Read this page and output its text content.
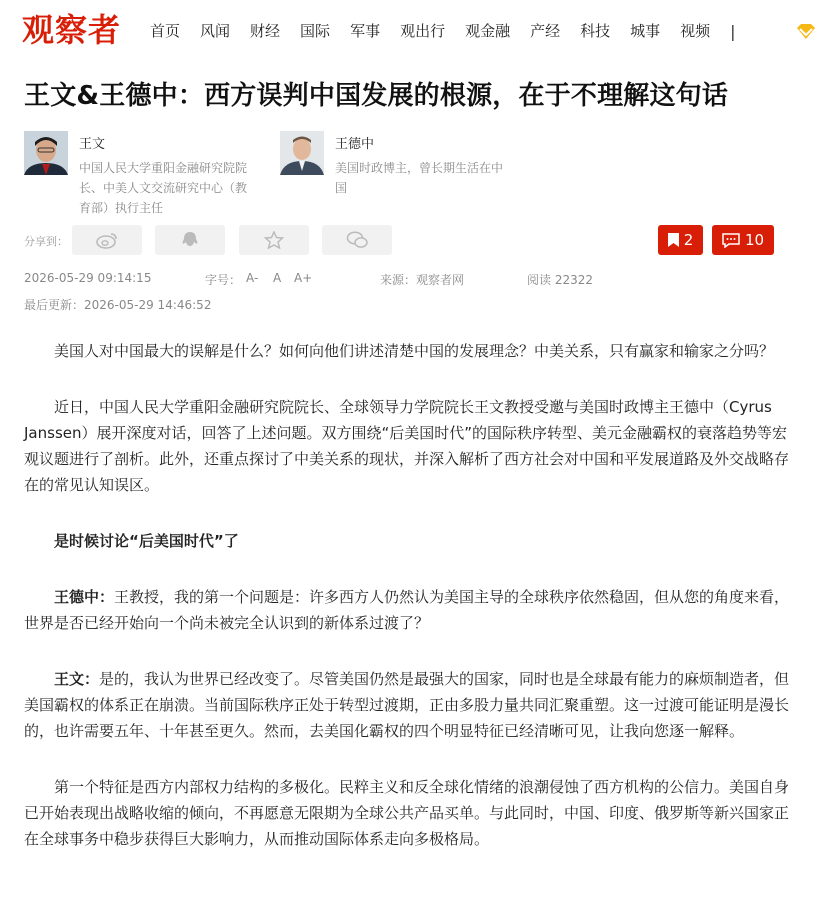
观察者 首页 风闻 财经 国际 军事 观出行 观金融 产经 科技 城事 视频 |
王文&王德中：西方误判中国发展的根源，在于不理解这句话
王文
中国人民大学重阳金融研究院院长、中美人文交流研究中心（教育部）执行主任
王德中
美国时政博主，曾长期生活在中国
分享到：	2	10
2026-05-29 09:14:15	字号： A- A A+	来源：观察者网	阅读 22322
最后更新：2026-05-29 14:46:52

美国人对中国最大的误解是什么？如何向他们讲述清楚中国的发展理念？中美关系，只有赢家和输家之分吗？

近日，中国人民大学重阳金融研究院院长、全球领导力学院院长王文教授受邀与美国时政博主王德中（Cyrus Janssen）展开深度对话，回答了上述问题。双方围绕“后美国时代”的国际秩序转型、美元金融霸权的衰落趋势等宏观议题进行了剖析。此外，还重点探讨了中美关系的现状，并深入解析了西方社会对中国和平发展道路及外交战略存在的常见认知误区。

是时候讨论“后美国时代”了

王德中：王教授，我的第一个问题是：许多西方人仍然认为美国主导的全球秩序依然稳固，但从您的角度来看，世界是否已经开始向一个尚未被完全认识到的新体系过渡了？

王文：是的，我认为世界已经改变了。尽管美国仍然是最强大的国家，同时也是全球最有能力的麻烦制造者，但美国霸权的体系正在崩溃。当前国际秩序正处于转型过渡期，正由多股力量共同汇聚重塑。这一过渡可能证明是漫长的，也许需要五年、十年甚至更久。然而，去美国化霸权的四个明显特征已经清晰可见，让我向您逐一解释。

第一个特征是西方内部权力结构的多极化。民粹主义和反全球化情绪的浪潮侵蚀了西方机构的公信力。美国自身已开始表现出战略收缩的倾向，不再愿意无限期为全球公共产品买单。与此同时，中国、印度、俄罗斯等新兴国家正在全球事务中稳步获得巨大影响力，从而推动国际体系走向多极格局。
